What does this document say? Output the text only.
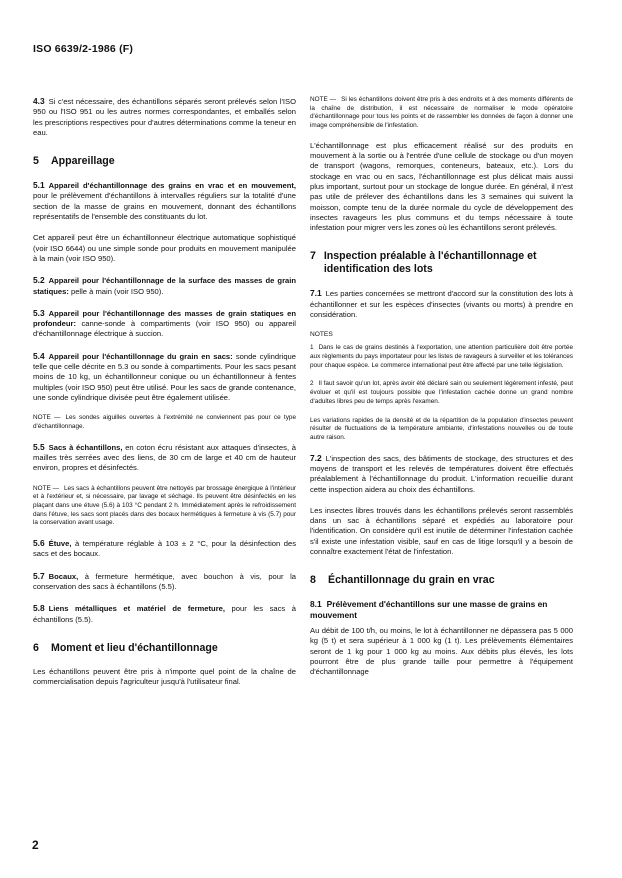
ISO 6639/2-1986 (F)

4.3 Si c'est nécessaire, des échantillons séparés seront prélevés selon l'ISO 950 ou l'ISO 951 ou les autres normes correspondantes, et emballés selon les prescriptions respectives pour d'autres déterminations comme la teneur en eau.

5 Appareillage

5.1 Appareil d'échantillonnage des grains en vrac et en mouvement, pour le prélèvement d'échantillons à intervalles réguliers sur la totalité d'une section de la masse de grains en mouvement, donnant des échantillons représentatifs de l'ensemble des constituants du lot.

Cet appareil peut être un échantillonneur électrique automatique sophistiqué (voir ISO 6644) ou une simple sonde pour produits en mouvement manipulée à la main (voir ISO 950).

5.2 Appareil pour l'échantillonnage de la surface des masses de grain statiques: pelle à main (voir ISO 950).

5.3 Appareil pour l'échantillonnage des masses de grain statiques en profondeur: canne-sonde à compartiments (voir ISO 950) ou appareil d'échantillonnage électrique à succion.

5.4 Appareil pour l'échantillonnage du grain en sacs: sonde cylindrique telle que celle décrite en 5.3 ou sonde à compartiments. Pour les sacs pesant moins de 10 kg, un échantillonneur conique ou un échantillonneur à fentes multiples (voir ISO 950) peut être utilisé. Pour les sacs de grande contenance, une sonde cylindrique divisée peut être également utilisée.

NOTE — Les sondes aiguilles ouvertes à l'extrémité ne conviennent pas pour ce type d'échantillonnage.

5.5 Sacs à échantillons, en coton écru résistant aux attaques d'insectes, à mailles très serrées avec des liens, de 30 cm de large et 40 cm de hauteur environ, propres et désinfectés.

NOTE — Les sacs à échantillons peuvent être nettoyés par brossage énergique à l'intérieur et à l'extérieur et, si nécessaire, par lavage et séchage. Ils peuvent être désinfectés en les plaçant dans une étuve (5.6) à 103 °C pendant 2 h. Immédiatement après le refroidissement dans l'étuve, les sacs sont placés dans des bocaux hermétiques à fermeture à vis (5.7) pour la conservation avant usage.

5.6 Étuve, à température réglable à 103 ± 2 °C, pour la désinfection des sacs et des bocaux.

5.7 Bocaux, à fermeture hermétique, avec bouchon à vis, pour la conservation des sacs à échantillons (5.5).

5.8 Liens métalliques et matériel de fermeture, pour les sacs à échantillons (5.5).

6 Moment et lieu d'échantillonnage

Les échantillons peuvent être pris à n'importe quel point de la chaîne de commercialisation depuis l'agriculteur jusqu'à l'utilisateur final.

NOTE — Si les échantillons doivent être pris à des endroits et à des moments différents de la chaîne de distribution, il est nécessaire de normaliser le mode opératoire d'échantillonnage pour tous les points et de rassembler les données de façon à donner une image compréhensible de l'infestation.

L'échantillonnage est plus efficacement réalisé sur des produits en mouvement à la sortie ou à l'entrée d'une cellule de stockage ou d'un moyen de transport (wagons, remorques, conteneurs, bateaux, etc.). Lors du stockage en vrac ou en sacs, l'échantillonnage est plus délicat mais aussi plus important, surtout pour un stockage de longue durée. En général, il n'est pas utile de prélever des échantillons dans les 3 semaines qui suivent la moisson, compte tenu de la durée normale du cycle de développement des insectes ravageurs les plus communs et du temps nécessaire à toute infestation pour migrer vers les zones où les échantillons seront prélevés.

7 Inspection préalable à l'échantillonnage et identification des lots

7.1 Les parties concernées se mettront d'accord sur la constitution des lots à échantillonner et sur les espèces d'insectes (vivants ou morts) à prendre en considération.

NOTES

1 Dans le cas de grains destinés à l'exportation, une attention particulière doit être portée aux règlements du pays importateur pour les listes de ravageurs à surveiller et les tolérances pour chaque espèce. Le commerce international peut être affecté par une telle législation.

2 Il faut savoir qu'un lot, après avoir été déclaré sain ou seulement légèrement infesté, peut évoluer et qu'il est toujours possible que l'infestation cachée donne un grand nombre d'adultes libres peu de temps après l'examen.

Les variations rapides de la densité et de la répartition de la population d'insectes peuvent résulter de fluctuations de la température ambiante, d'infestations nouvelles ou de toute autre raison.

7.2 L'inspection des sacs, des bâtiments de stockage, des structures et des moyens de transport et les relevés de températures doivent être effectués préalablement à l'échantillonnage du produit. L'information recueillie durant cette inspection aidera au choix des échantillons.

Les insectes libres trouvés dans les échantillons prélevés seront rassemblés dans un sac à échantillons séparé et expédiés au laboratoire pour l'identification. On considère qu'il est inutile de déterminer l'infestation cachée s'il existe une infestation visible, sauf en cas de litige lorsqu'il y a besoin de connaître exactement l'état de l'infestation.

8 Échantillonnage du grain en vrac
8.1 Prélèvement d'échantillons sur une masse de grains en mouvement

Au débit de 100 t/h, ou moins, le lot à échantillonner ne dépassera pas 5 000 kg (5 t) et sera supérieur à 1 000 kg (1 t). Les prélèvements élémentaires seront de 1 kg pour 1 000 kg au moins. Aux débits plus élevés, les lots pourront être de plus grande taille pour permettre à l'équipement d'échantillonnage

2
